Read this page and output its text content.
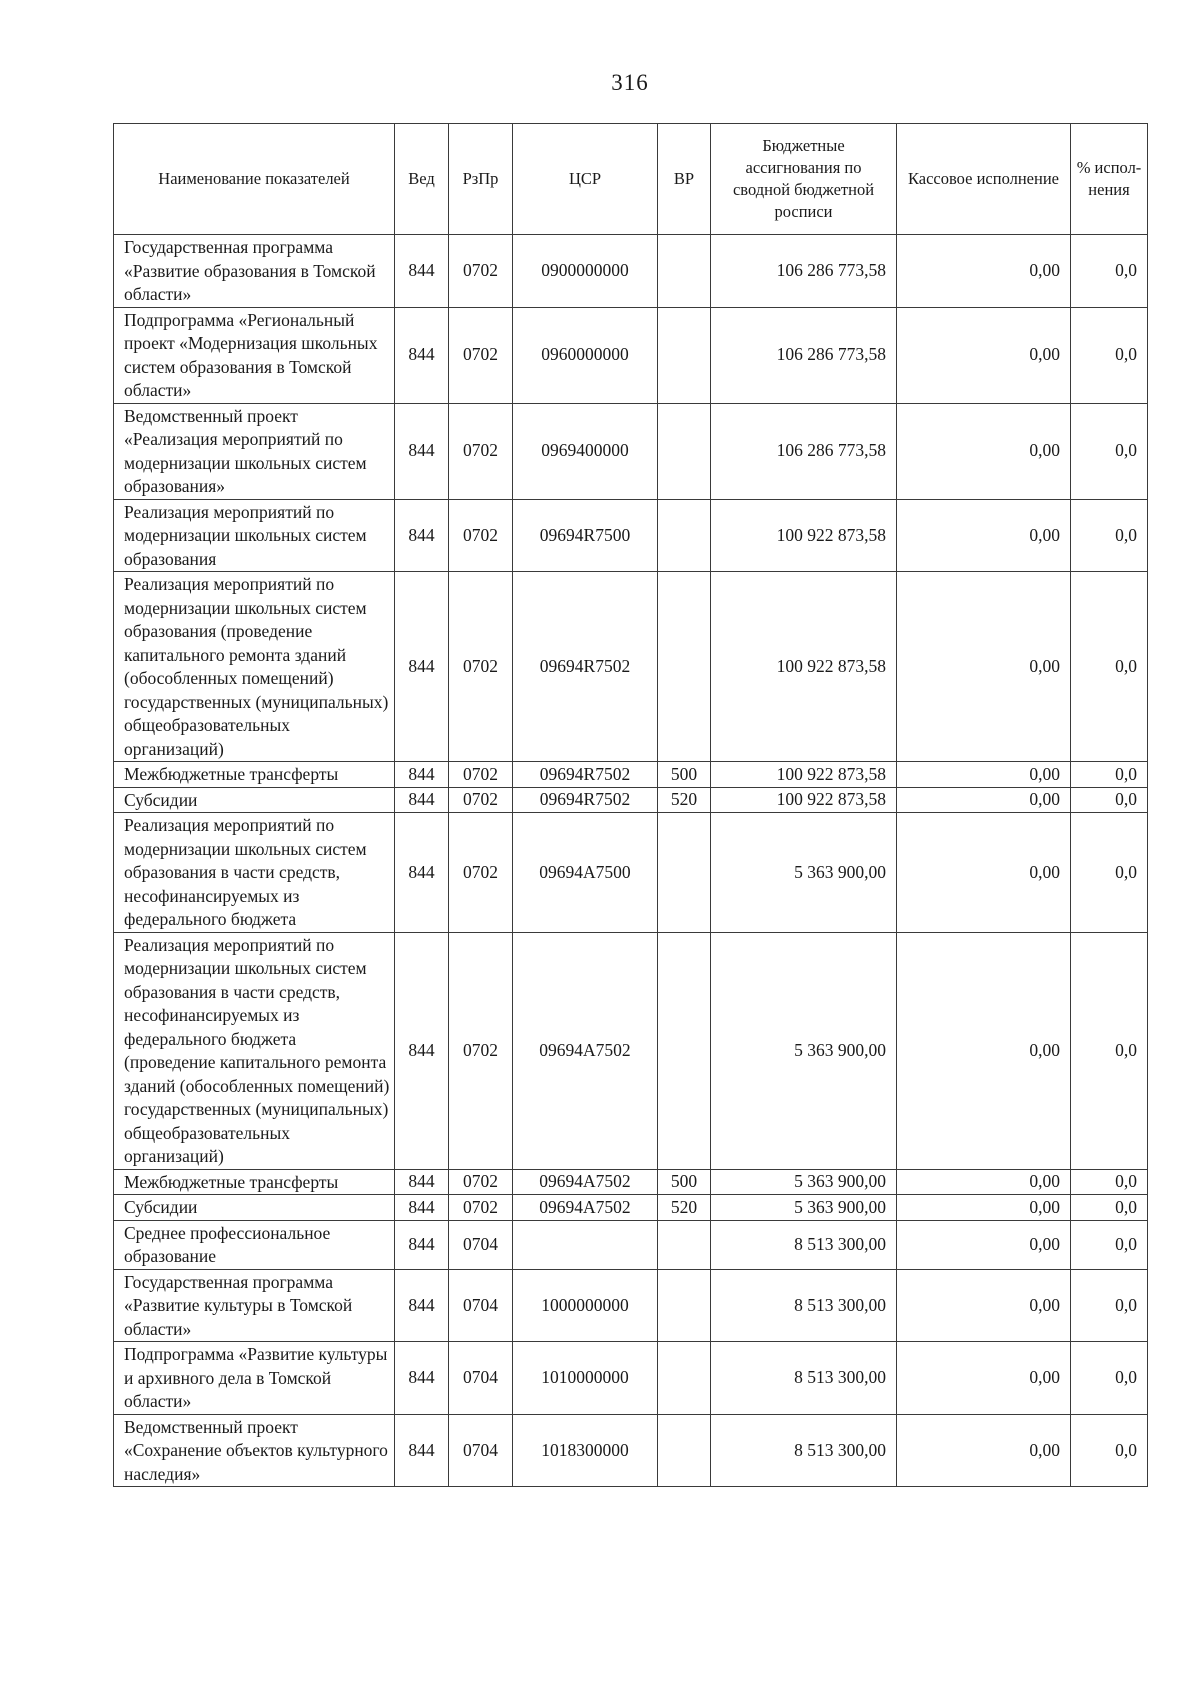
316
Наименование показателей	Вед	РзПр	ЦСР	ВР	Бюджетные ассигнования по сводной бюджетной росписи	Кассовое исполнение	% испол-нения
Государственная программа «Развитие образования в Томской области»	844	0702	0900000000		106 286 773,58	0,00	0,0
Подпрограмма «Региональный проект «Модернизация школьных систем образования в Томской области»	844	0702	0960000000		106 286 773,58	0,00	0,0
Ведомственный проект «Реализация мероприятий по модернизации школьных систем образования»	844	0702	0969400000		106 286 773,58	0,00	0,0
Реализация мероприятий по модернизации школьных систем образования	844	0702	09694R7500		100 922 873,58	0,00	0,0
Реализация мероприятий по модернизации школьных систем образования (проведение капитального ремонта зданий (обособленных помещений) государственных (муниципальных) общеобразовательных организаций)	844	0702	09694R7502		100 922 873,58	0,00	0,0
Межбюджетные трансферты	844	0702	09694R7502	500	100 922 873,58	0,00	0,0
Субсидии	844	0702	09694R7502	520	100 922 873,58	0,00	0,0
Реализация мероприятий по модернизации школьных систем образования в части средств, несофинансируемых из федерального бюджета	844	0702	09694A7500		5 363 900,00	0,00	0,0
Реализация мероприятий по модернизации школьных систем образования в части средств, несофинансируемых из федерального бюджета (проведение капитального ремонта зданий (обособленных помещений) государственных (муниципальных) общеобразовательных организаций)	844	0702	09694A7502		5 363 900,00	0,00	0,0
Межбюджетные трансферты	844	0702	09694A7502	500	5 363 900,00	0,00	0,0
Субсидии	844	0702	09694A7502	520	5 363 900,00	0,00	0,0
Среднее профессиональное образование	844	0704			8 513 300,00	0,00	0,0
Государственная программа «Развитие культуры в Томской области»	844	0704	1000000000		8 513 300,00	0,00	0,0
Подпрограмма «Развитие культуры и архивного дела в Томской области»	844	0704	1010000000		8 513 300,00	0,00	0,0
Ведомственный проект «Сохранение объектов культурного наследия»	844	0704	1018300000		8 513 300,00	0,00	0,0
